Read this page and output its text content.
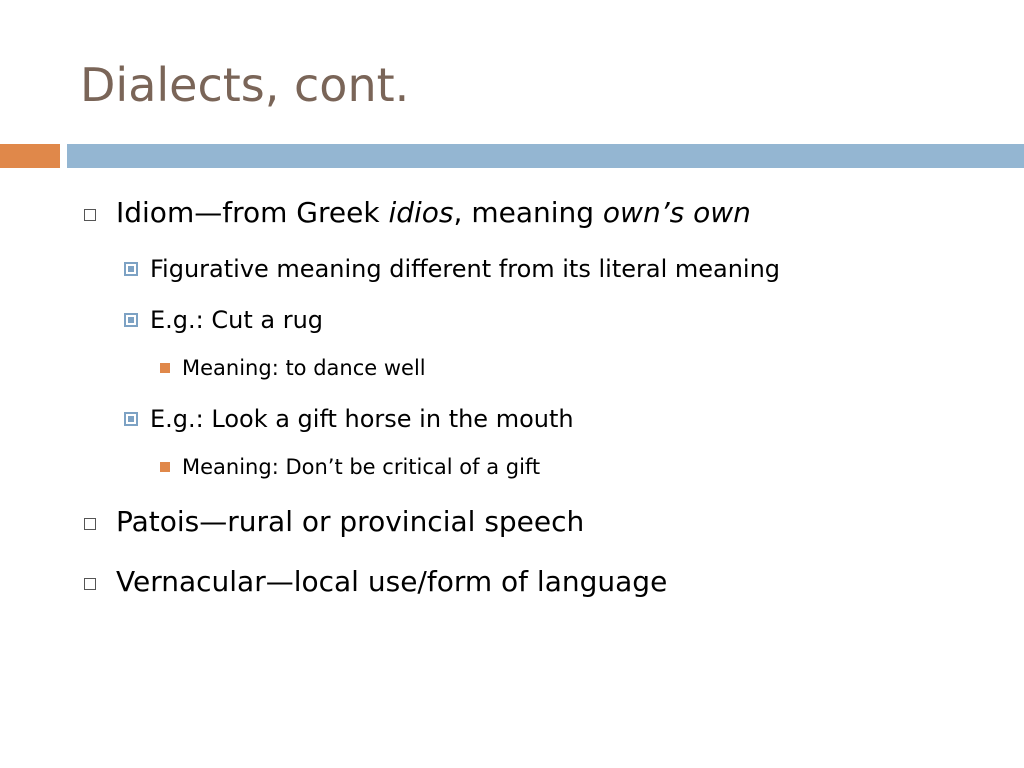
Dialects, cont.
Idiom—from Greek idios, meaning own’s own
Figurative meaning different from its literal meaning
E.g.: Cut a rug
Meaning: to dance well
E.g.: Look a gift horse in the mouth
Meaning: Don’t be critical of a gift
Patois—rural or provincial speech
Vernacular—local use/form of language
